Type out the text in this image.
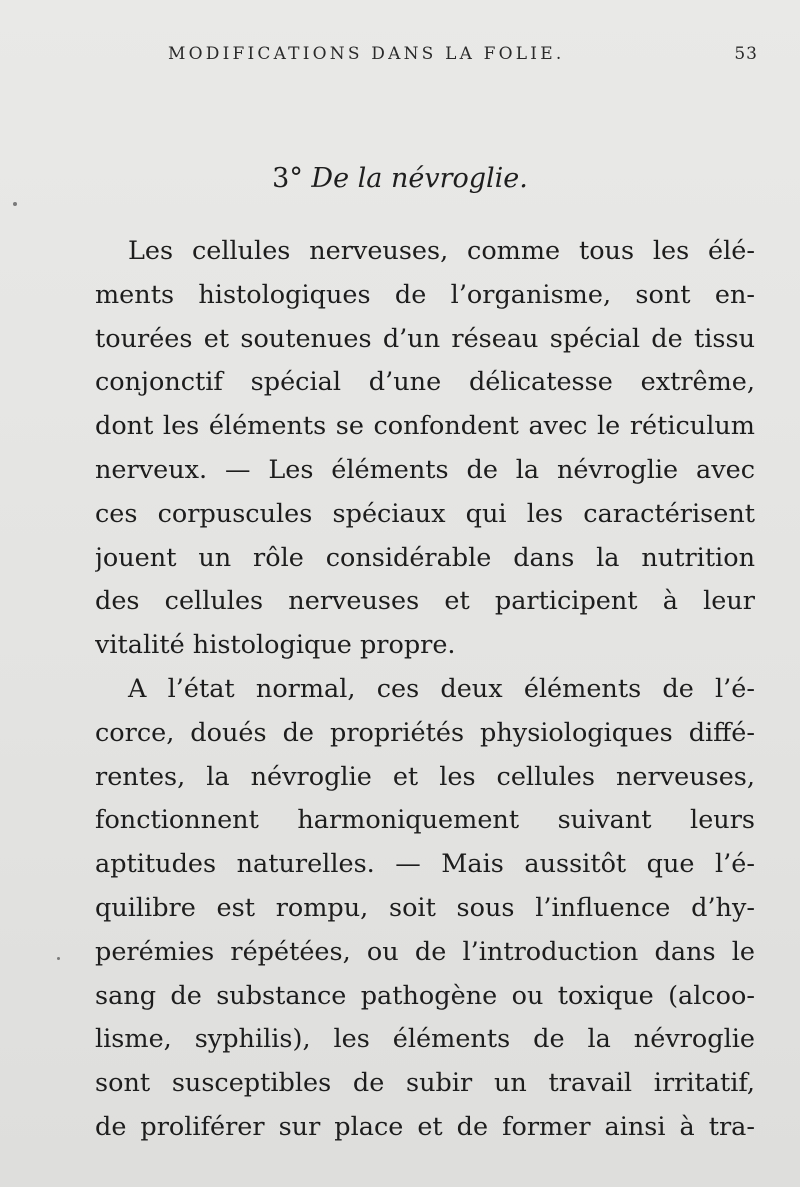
MODIFICATIONS DANS LA FOLIE.	53
3° De la névroglie.
Les cellules nerveuses, comme tous les élé-
ments histologiques de l’organisme, sont en-
tourées et soutenues d’un réseau spécial de tissu
conjonctif spécial d’une délicatesse extrême,
dont les éléments se confondent avec le réticulum
nerveux. — Les éléments de la névroglie avec
ces corpuscules spéciaux qui les caractérisent
jouent un rôle considérable dans la nutrition
des cellules nerveuses et participent à leur
vitalité histologique propre.
A l’état normal, ces deux éléments de l’é-
corce, doués de propriétés physiologiques diffé-
rentes, la névroglie et les cellules nerveuses,
fonctionnent harmoniquement suivant leurs
aptitudes naturelles. — Mais aussitôt que l’é-
quilibre est rompu, soit sous l’influence d’hy-
perémies répétées, ou de l’introduction dans le
sang de substance pathogène ou toxique (alcoo-
lisme, syphilis), les éléments de la névroglie
sont susceptibles de subir un travail irritatif,
de proliférer sur place et de former ainsi à tra-
